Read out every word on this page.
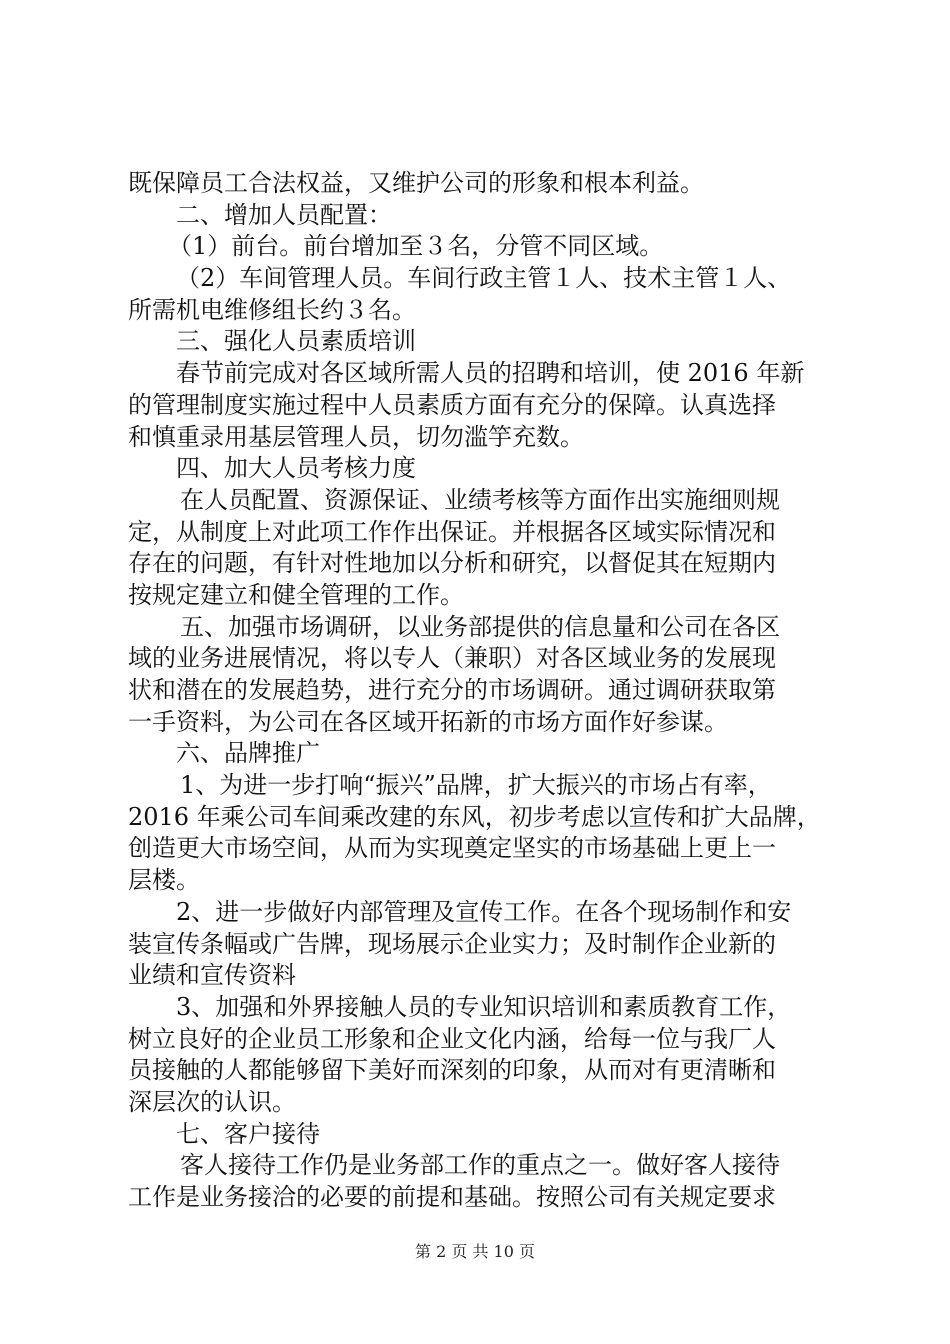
既保障员工合法权益，又维护公司的形象和根本利益。
二、增加人员配置：
（1）前台。前台增加至３名，分管不同区域。
（2）车间管理人员。车间行政主管１人、技术主管１人、
所需机电维修组长约３名。
三、强化人员素质培训
春节前完成对各区域所需人员的招聘和培训，使 2016 年新
的管理制度实施过程中人员素质方面有充分的保障。认真选择
和慎重录用基层管理人员，切勿滥竽充数。
四、加大人员考核力度
在人员配置、资源保证、业绩考核等方面作出实施细则规
定，从制度上对此项工作作出保证。并根据各区域实际情况和
存在的问题，有针对性地加以分析和研究，以督促其在短期内
按规定建立和健全管理的工作。
五、加强市场调研，以业务部提供的信息量和公司在各区
域的业务进展情况，将以专人（兼职）对各区域业务的发展现
状和潜在的发展趋势，进行充分的市场调研。通过调研获取第
一手资料，为公司在各区域开拓新的市场方面作好参谋。
六、品牌推广
1、为进一步打响“振兴”品牌，扩大振兴的市场占有率，
2016 年乘公司车间乘改建的东风，初步考虑以宣传和扩大品牌，
创造更大市场空间，从而为实现奠定坚实的市场基础上更上一
层楼。
2、进一步做好内部管理及宣传工作。在各个现场制作和安
装宣传条幅或广告牌，现场展示企业实力；及时制作企业新的
业绩和宣传资料
3、加强和外界接触人员的专业知识培训和素质教育工作，
树立良好的企业员工形象和企业文化内涵，给每一位与我厂人
员接触的人都能够留下美好而深刻的印象，从而对有更清晰和
深层次的认识。
七、客户接待
客人接待工作仍是业务部工作的重点之一。做好客人接待
工作是业务接洽的必要的前提和基础。按照公司有关规定要求
第 2 页 共 10 页
